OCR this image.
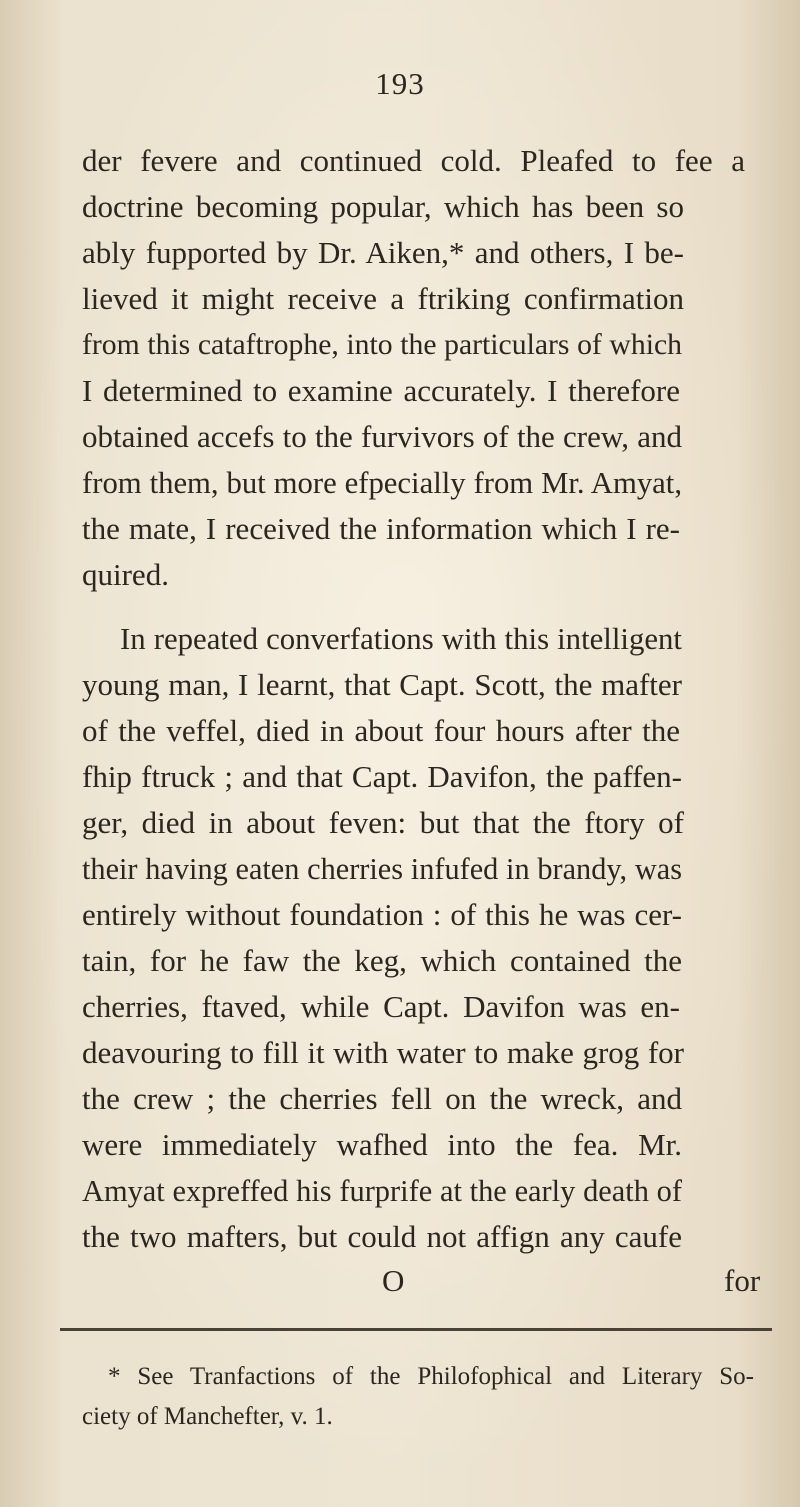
193
der fevere and continued cold. Pleafed to fee a
doctrine becoming popular, which has been so
ably fupported by Dr. Aiken,* and others, I be-
lieved it might receive a ftriking confirmation
from this cataftrophe, into the particulars of which
I determined to examine accurately. I therefore
obtained accefs to the furvivors of the crew, and
from them, but more efpecially from Mr. Amyat,
the mate, I received the information which I re-
quired.
In repeated converfations with this intelligent
young man, I learnt, that Capt. Scott, the mafter
of the veffel, died in about four hours after the
fhip ftruck ; and that Capt. Davifon, the paffen-
ger, died in about feven: but that the ftory of
their having eaten cherries infufed in brandy, was
entirely without foundation : of this he was cer-
tain, for he faw the keg, which contained the
cherries, ftaved, while Capt. Davifon was en-
deavouring to fill it with water to make grog for
the crew ; the cherries fell on the wreck, and
were immediately wafhed into the fea. Mr.
Amyat expreffed his furprife at the early death of
the two mafters, but could not affign any caufe
O	for
* See Tranfactions of the Philofophical and Literary So-
ciety of Manchefter, v. 1.
